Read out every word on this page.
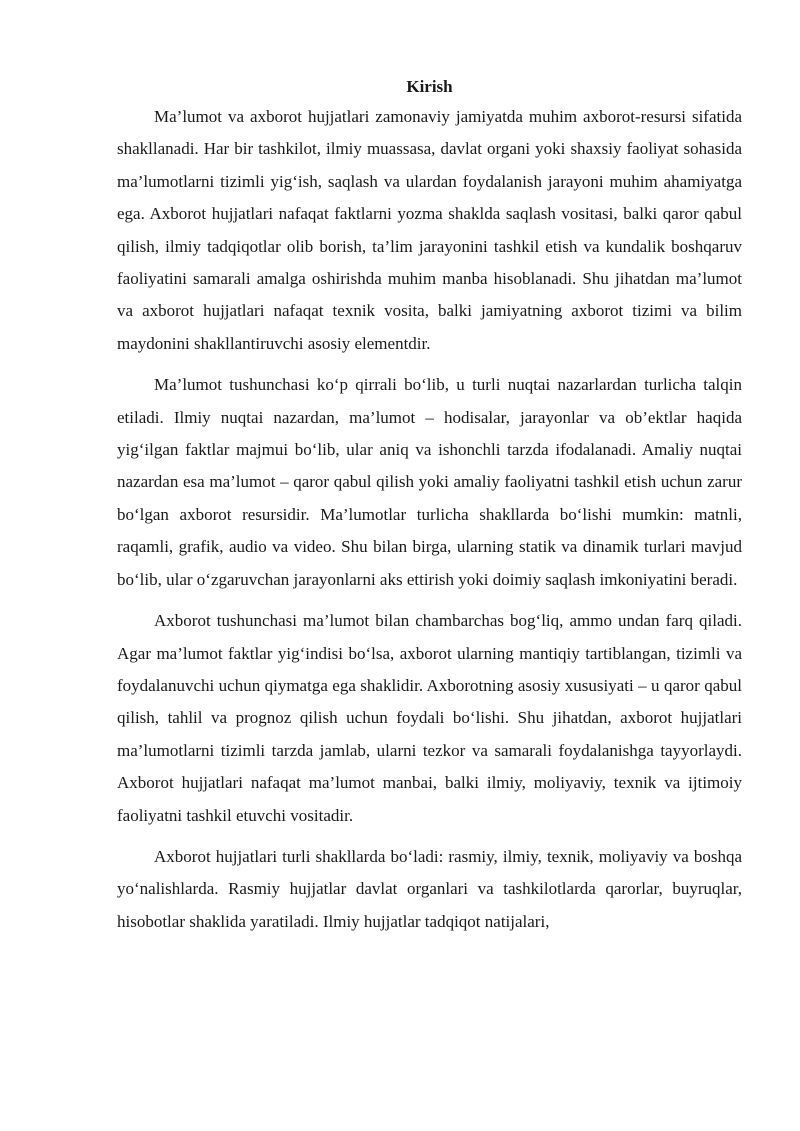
Kirish

Ma’lumot va axborot hujjatlari zamonaviy jamiyatda muhim axborot-resursi sifatida shakllanadi. Har bir tashkilot, ilmiy muassasa, davlat organi yoki shaxsiy faoliyat sohasida ma’lumotlarni tizimli yig‘ish, saqlash va ulardan foydalanish jarayoni muhim ahamiyatga ega. Axborot hujjatlari nafaqat faktlarni yozma shaklda saqlash vositasi, balki qaror qabul qilish, ilmiy tadqiqotlar olib borish, ta’lim jarayonini tashkil etish va kundalik boshqaruv faoliyatini samarali amalga oshirishda muhim manba hisoblanadi. Shu jihatdan ma’lumot va axborot hujjatlari nafaqat texnik vosita, balki jamiyatning axborot tizimi va bilim maydonini shakllantiruvchi asosiy elementdir.

Ma’lumot tushunchasi ko‘p qirrali bo‘lib, u turli nuqtai nazarlardan turlicha talqin etiladi. Ilmiy nuqtai nazardan, ma’lumot – hodisalar, jarayonlar va ob’ektlar haqida yig‘ilgan faktlar majmui bo‘lib, ular aniq va ishonchli tarzda ifodalanadi. Amaliy nuqtai nazardan esa ma’lumot – qaror qabul qilish yoki amaliy faoliyatni tashkil etish uchun zarur bo‘lgan axborot resursidir. Ma’lumotlar turlicha shakllarda bo‘lishi mumkin: matnli, raqamli, grafik, audio va video. Shu bilan birga, ularning statik va dinamik turlari mavjud bo‘lib, ular o‘zgaruvchan jarayonlarni aks ettirish yoki doimiy saqlash imkoniyatini beradi.

Axborot tushunchasi ma’lumot bilan chambarchas bog‘liq, ammo undan farq qiladi. Agar ma’lumot faktlar yig‘indisi bo‘lsa, axborot ularning mantiqiy tartiblangan, tizimli va foydalanuvchi uchun qiymatga ega shaklidir. Axborotning asosiy xususiyati – u qaror qabul qilish, tahlil va prognoz qilish uchun foydali bo‘lishi. Shu jihatdan, axborot hujjatlari ma’lumotlarni tizimli tarzda jamlab, ularni tezkor va samarali foydalanishga tayyorlaydi. Axborot hujjatlari nafaqat ma’lumot manbai, balki ilmiy, moliyaviy, texnik va ijtimoiy faoliyatni tashkil etuvchi vositadir.

Axborot hujjatlari turli shakllarda bo‘ladi: rasmiy, ilmiy, texnik, moliyaviy va boshqa yo‘nalishlarda. Rasmiy hujjatlar davlat organlari va tashkilotlarda qarorlar, buyruqlar, hisobotlar shaklida yaratiladi. Ilmiy hujjatlar tadqiqot natijalari,
